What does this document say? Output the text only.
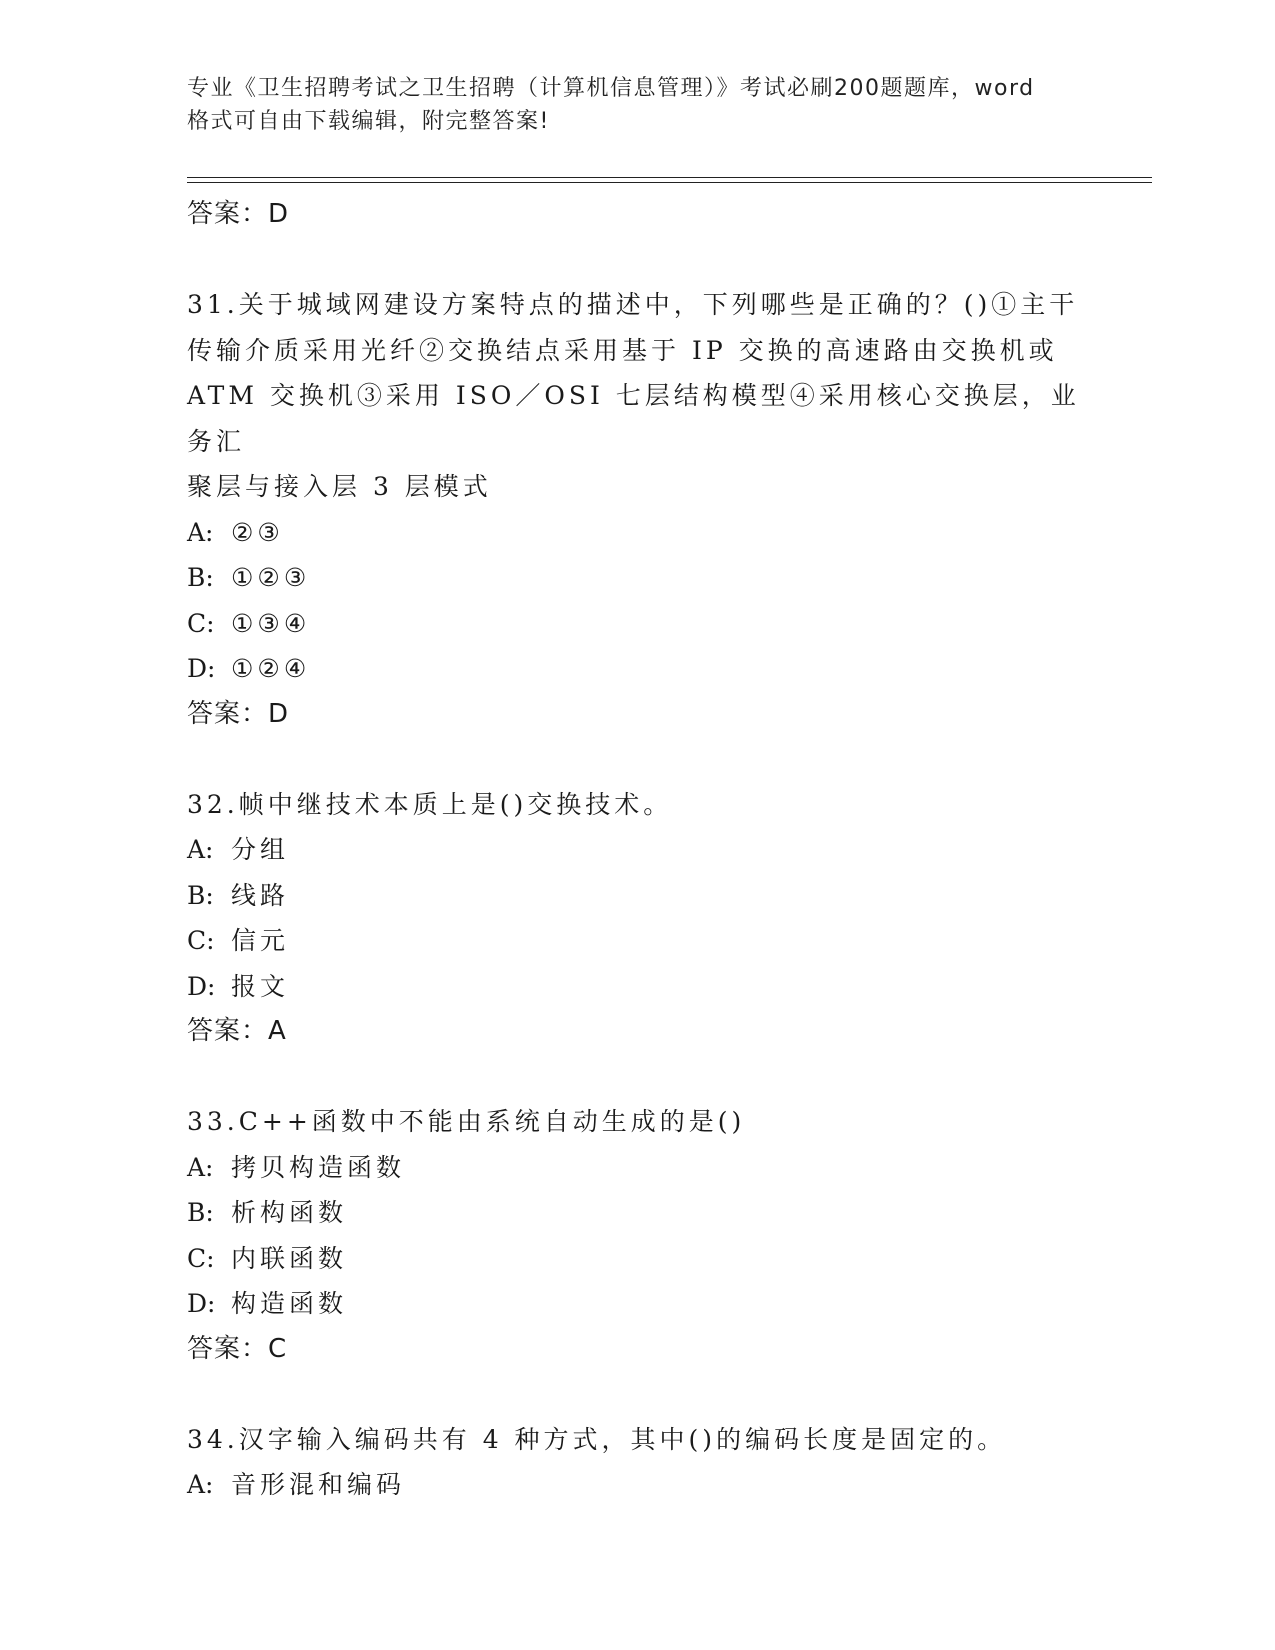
专业《卫生招聘考试之卫生招聘（计算机信息管理）》考试必刷200题题库，word
格式可自由下载编辑，附完整答案!
答案：D
31.关于城域网建设方案特点的描述中，下列哪些是正确的？()①主干
传输介质采用光纤②交换结点采用基于 IP 交换的高速路由交换机或
ATM 交换机③采用 ISO／OSI 七层结构模型④采用核心交换层，业务汇
聚层与接入层 3 层模式
A: ②③
B: ①②③
C: ①③④
D: ①②④
答案：D
32.帧中继技术本质上是()交换技术。
A: 分组
B: 线路
C: 信元
D: 报文
答案：A
33.C++函数中不能由系统自动生成的是()
A: 拷贝构造函数
B: 析构函数
C: 内联函数
D: 构造函数
答案：C
34.汉字输入编码共有 4 种方式，其中()的编码长度是固定的。
A: 音形混和编码
